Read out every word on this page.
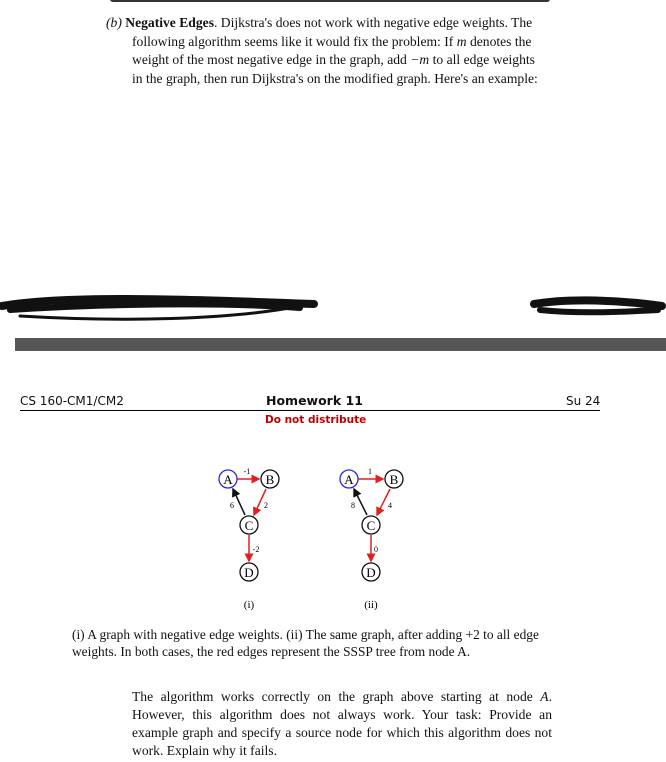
(b) Negative Edges. Dijkstra's does not work with negative edge weights. The
following algorithm seems like it would fix the problem: If m denotes the
weight of the most negative edge in the graph, add −m to all edge weights
in the graph, then run Dijkstra's on the modified graph. Here's an example:
CS 160-CM1/CM2	Homework 11	Su 24
Do not distribute
A	B
C
D
-1
2
6
-2
(i)
A	B
C
D
1
4
8
0
(ii)
(i) A graph with negative edge weights. (ii) The same graph, after adding +2 to all edge weights. In both cases, the red edges represent the SSSP tree from node A.
The algorithm works correctly on the graph above starting at node A. However, this algorithm does not always work. Your task: Provide an example graph and specify a source node for which this algorithm does not work. Explain why it fails.
